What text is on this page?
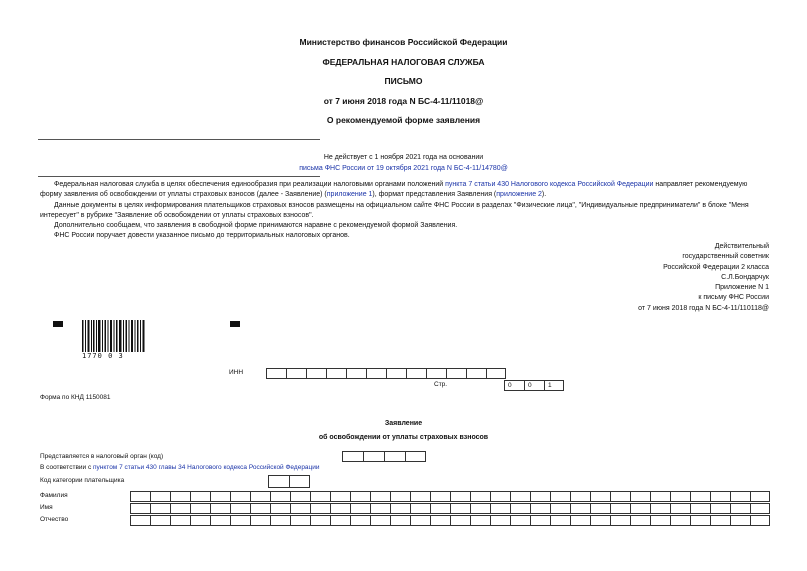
Министерство финансов Российской Федерации
ФЕДЕРАЛЬНАЯ НАЛОГОВАЯ СЛУЖБА
ПИСЬМО
от 7 июня 2018 года N БС-4-11/11018@
О рекомендуемой форме заявления
Не действует с 1 ноября 2021 года на основании
письма ФНС России от 19 октября 2021 года N БС-4-11/14780@

Федеральная налоговая служба в целях обеспечения единообразия при реализации налоговыми органами положений пункта 7 статьи 430 Налогового кодекса Российской Федерации направляет рекомендуемую форму заявления об освобождении от уплаты страховых взносов (далее - Заявление) (приложение 1), формат представления Заявления (приложение 2).

Данные документы в целях информирования плательщиков страховых взносов размещены на официальном сайте ФНС России в разделах "Физические лица", "Индивидуальные предприниматели" в блоке "Меня интересует" в рубрике "Заявление об освобождении от уплаты страховых взносов".

Дополнительно сообщаем, что заявления в свободной форме принимаются наравне с рекомендуемой формой Заявления.

ФНС России поручает довести указанное письмо до территориальных налоговых органов.

Действительный
государственный советник
Российской Федерации 2 класса
С.Л.Бондарчук
Приложение N 1
к письму ФНС России
от 7 июня 2018 года N БС-4-11/110118@
1770 0 3
ИНН
Стр.	0	0	1
Форма по КНД 1150081
Заявление
об освобождении от уплаты страховых взносов
Представляется в налоговый орган (код)
В соответствии с пунктом 7 статьи 430 главы 34 Налогового кодекса Российской Федерации
Код категории плательщика
Фамилия
Имя
Отчество
